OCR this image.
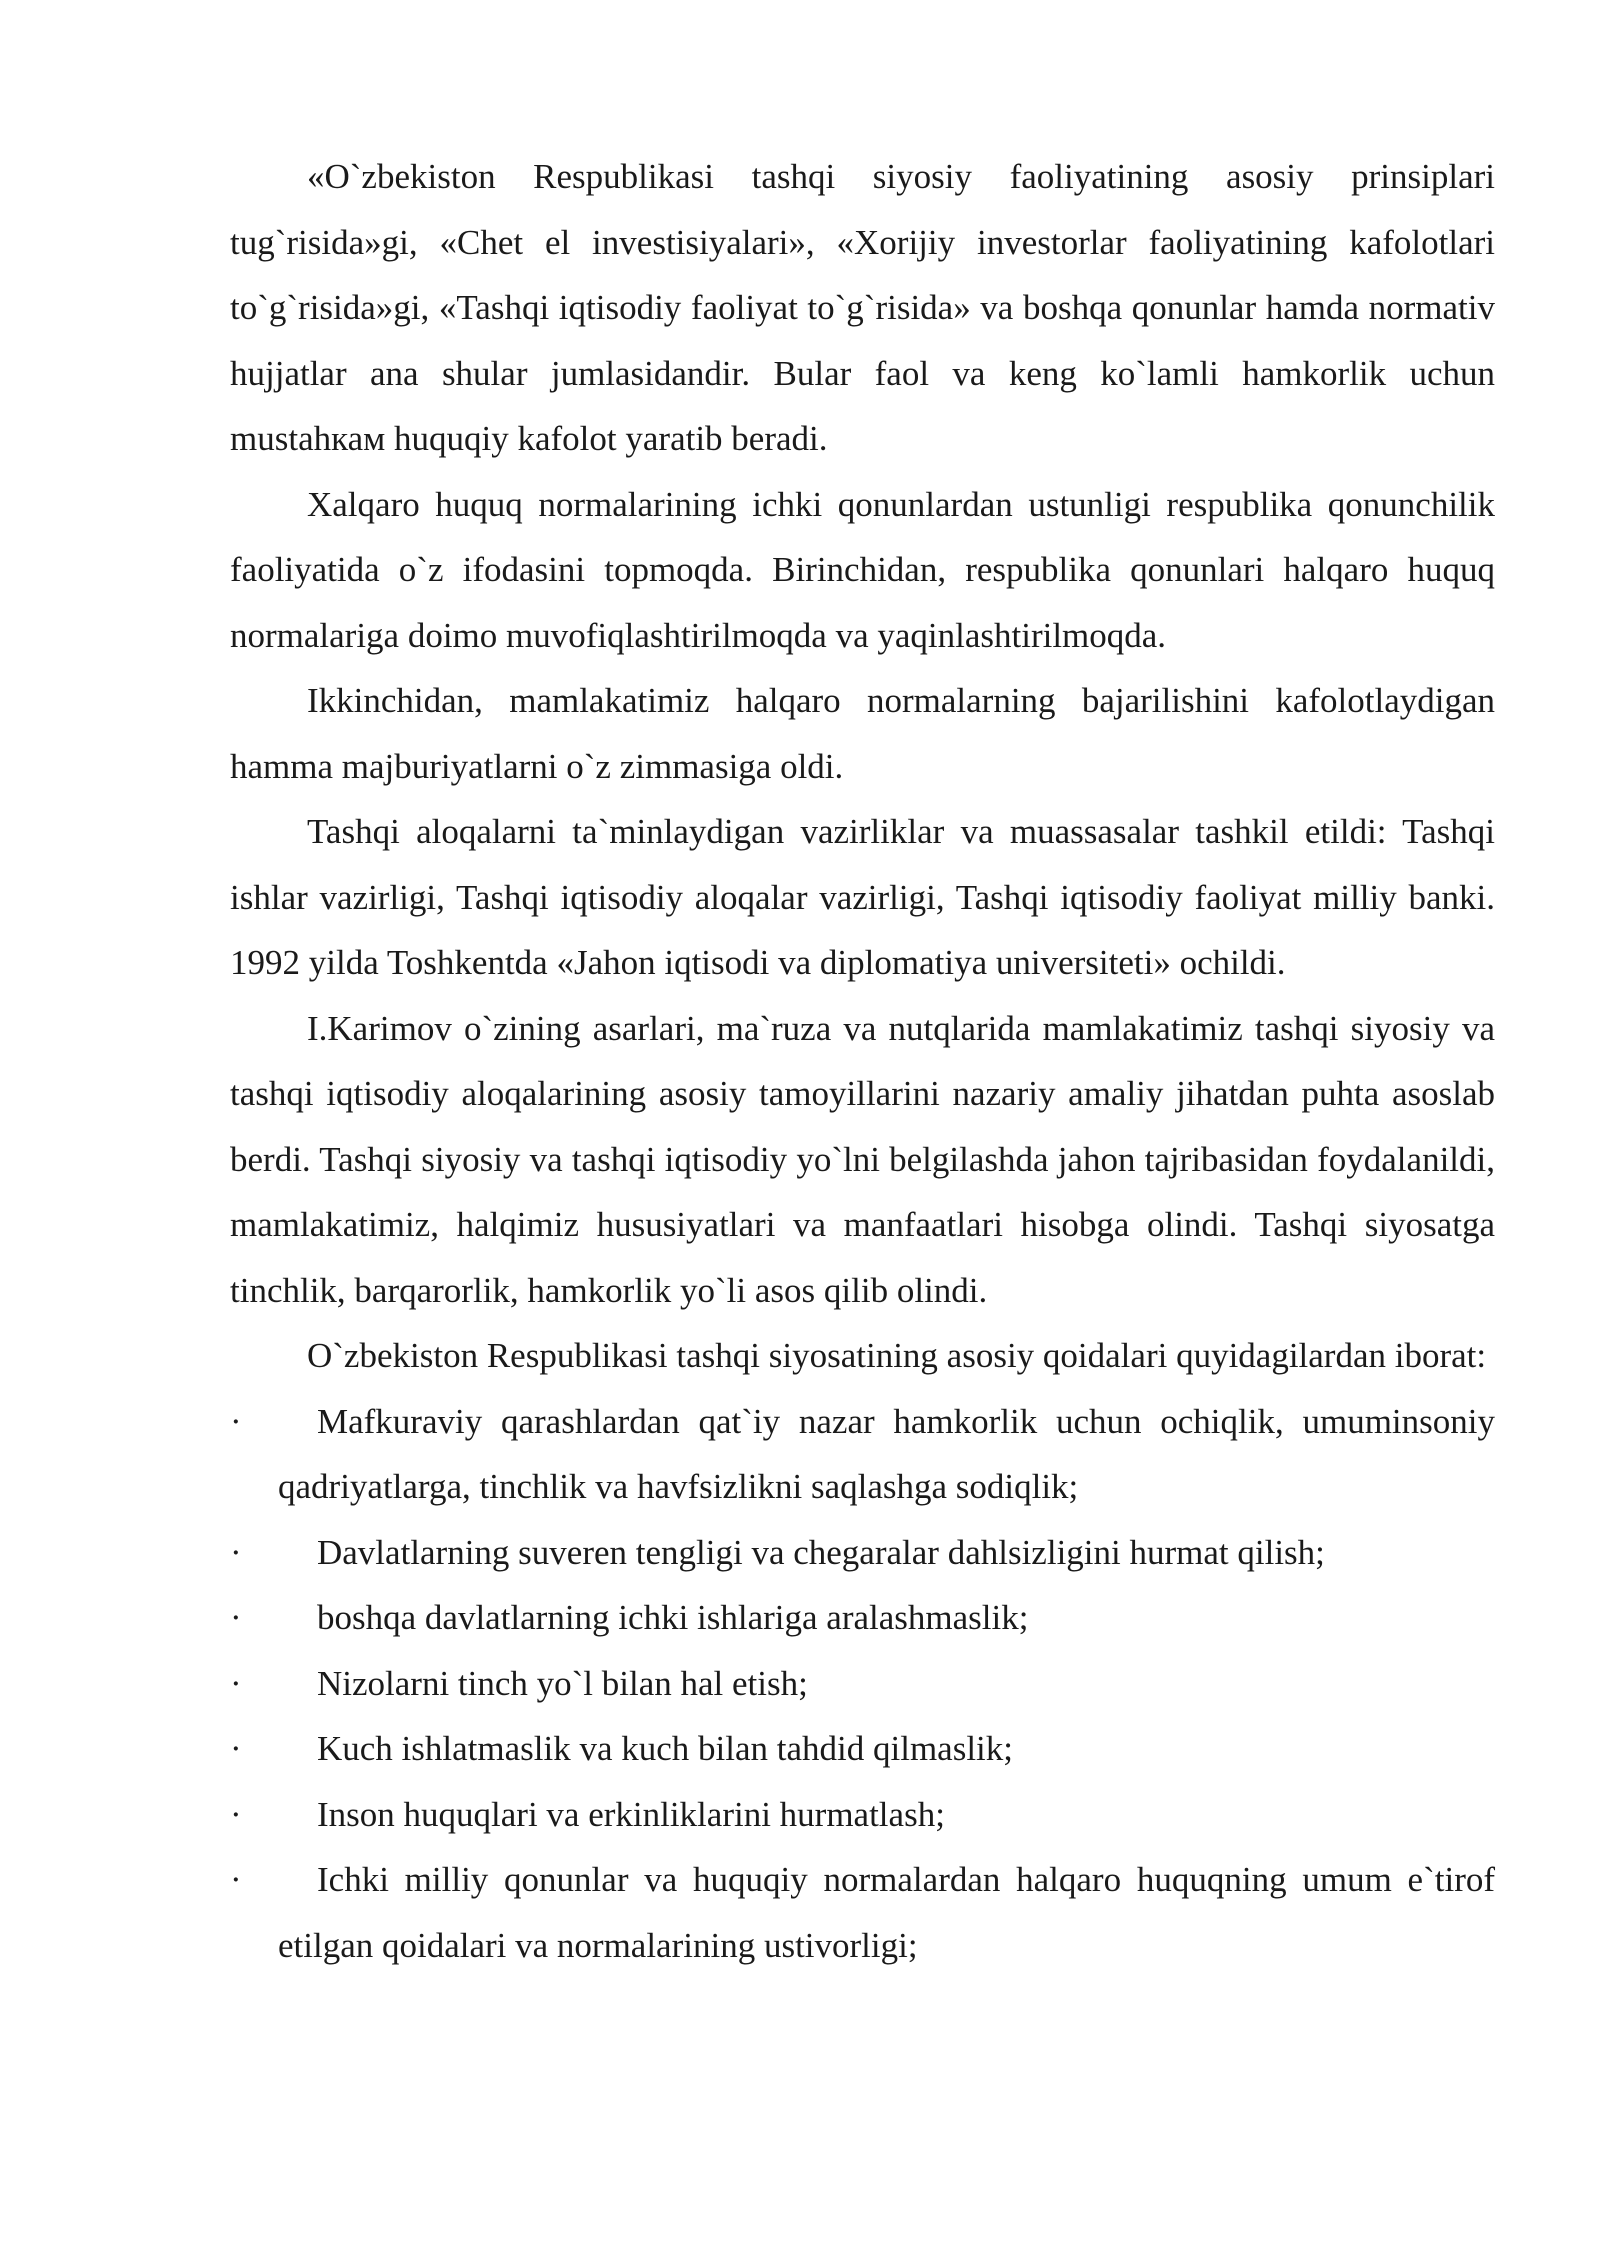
«O`zbekiston Respublikasi tashqi siyosiy faoliyatining asosiy prinsiplari tug`risida»gi, «Chet el investisiyalari», «Xorijiy investorlar faoliyatining kafolotlari to`g`risida»gi, «Tashqi iqtisodiy faoliyat to`g`risida» va boshqa qonunlar hamda normativ hujjatlar ana shular jumlasidandir. Bular faol va keng ko`lamli hamkorlik uchun mustahкам huquqiy kafolot yaratib beradi.

Xalqaro huquq normalarining ichki qonunlardan ustunligi respublika qonunchilik faoliyatida o`z ifodasini topmoqda. Birinchidan, respublika qonunlari halqaro huquq normalariga doimo muvofiqlashtirilmoqda va yaqinlashtirilmoqda.

Ikkinchidan, mamlakatimiz halqaro normalarning bajarilishini kafolotlaydigan hamma majburiyatlarni o`z zimmasiga oldi.

Tashqi aloqalarni ta`minlaydigan vazirliklar va muassasalar tashkil etildi: Tashqi ishlar vazirligi, Tashqi iqtisodiy aloqalar vazirligi, Tashqi iqtisodiy faoliyat milliy banki. 1992 yilda Toshkentda «Jahon iqtisodi va diplomatiya universiteti» ochildi.

I.Karimov o`zining asarlari, ma`ruza va nutqlarida mamlakatimiz tashqi siyosiy va tashqi iqtisodiy aloqalarining asosiy tamoyillarini nazariy amaliy jihatdan puhta asoslab berdi. Tashqi siyosiy va tashqi iqtisodiy yo`lni belgilashda jahon tajribasidan foydalanildi, mamlakatimiz, halqimiz hususiyatlari va manfaatlari hisobga olindi. Tashqi siyosatga tinchlik, barqarorlik, hamkorlik yo`li asos qilib olindi.

O`zbekiston Respublikasi tashqi siyosatining asosiy qoidalari quyidagilardan iborat:

·	Mafkuraviy qarashlardan qat`iy nazar hamkorlik uchun ochiqlik, umuminsoniy qadriyatlarga, tinchlik va havfsizlikni saqlashga sodiqlik;
·	Davlatlarning suveren tengligi va chegaralar dahlsizligini hurmat qilish;
·	boshqa davlatlarning ichki ishlariga aralashmaslik;
·	Nizolarni tinch yo`l bilan hal etish;
·	Kuch ishlatmaslik va kuch bilan tahdid qilmaslik;
·	Inson huquqlari va erkinliklarini hurmatlash;
·	Ichki milliy qonunlar va huquqiy normalardan halqaro huquqning umum e`tirof etilgan qoidalari va normalarining ustivorligi;
